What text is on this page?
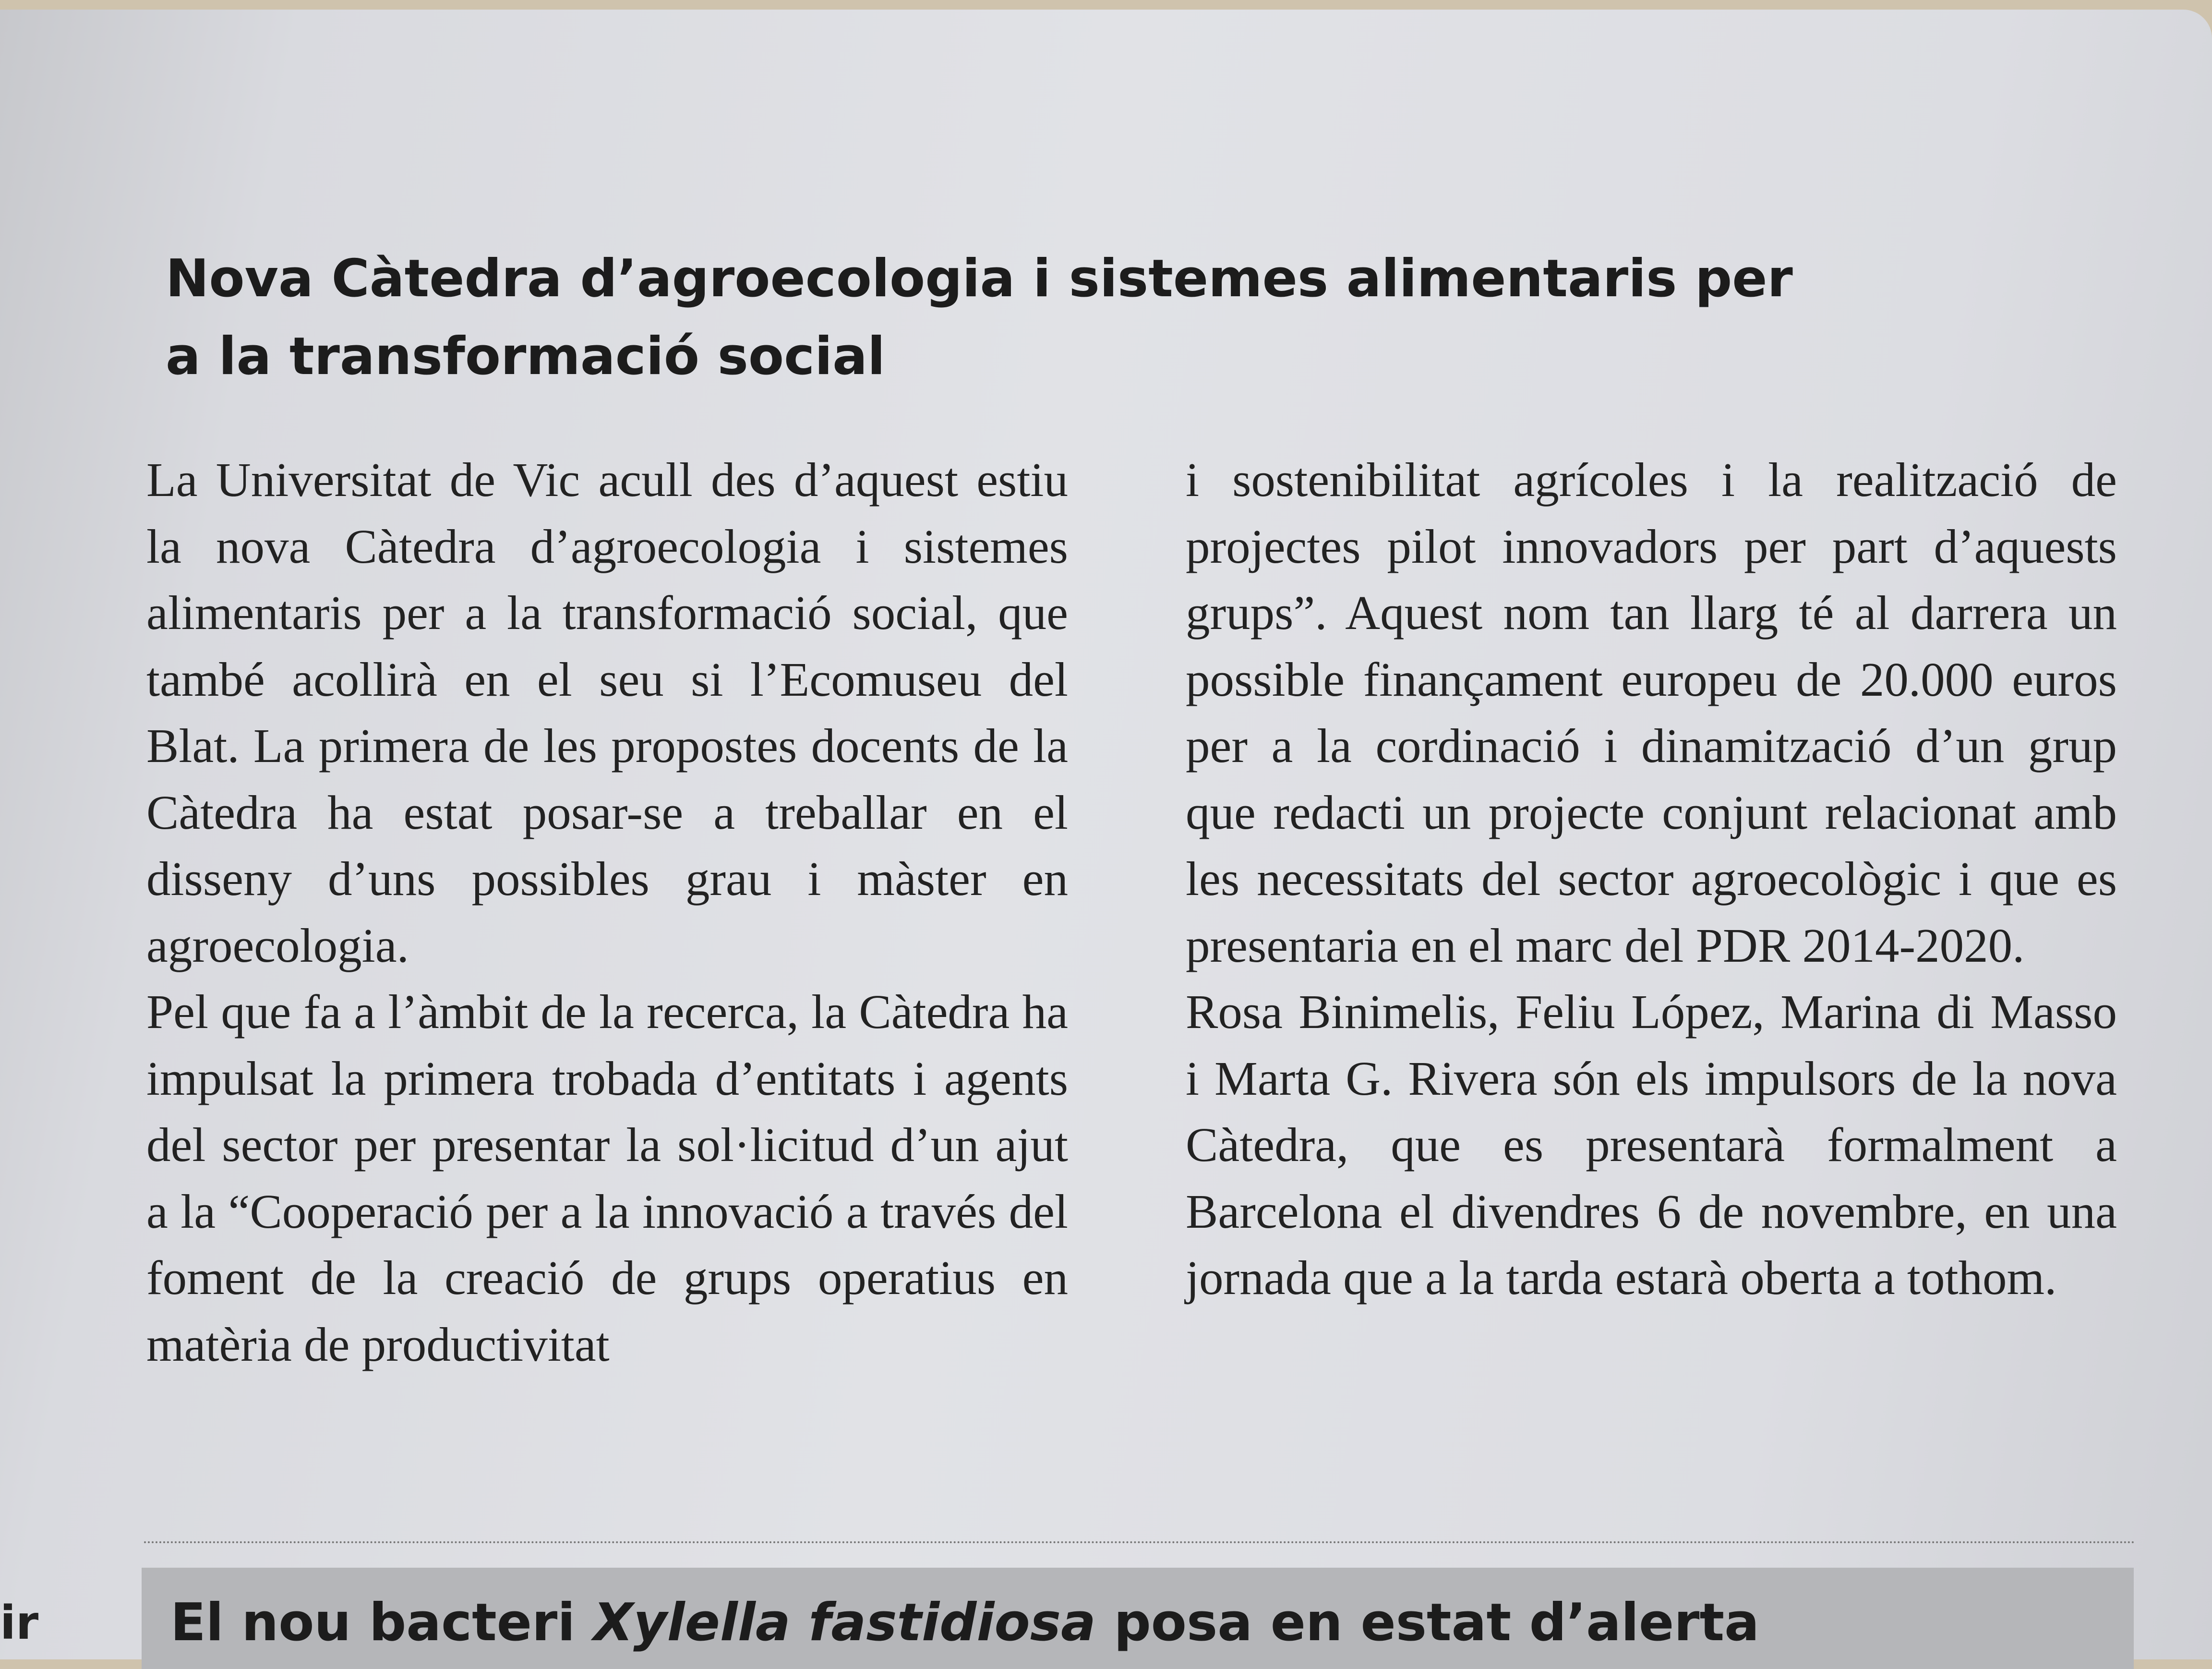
Nova Càtedra d’agroecologia i sistemes alimentaris per a la transformació social

La Universitat de Vic acull des d’aquest estiu la nova Càtedra d’agroecologia i sistemes alimentaris per a la transformació social, que també acollirà en el seu si l’Ecomuseu del Blat. La primera de les propostes docents de la Càtedra ha estat posar-se a treballar en el disseny d’uns possibles grau i màster en agroecologia.

Pel que fa a l’àmbit de la recerca, la Càtedra ha impulsat la primera trobada d’entitats i agents del sector per presentar la sol·licitud d’un ajut a la “Cooperació per a la innovació a través del foment de la creació de grups operatius en matèria de productivitat

i sostenibilitat agrícoles i la realització de projectes pilot innovadors per part d’aquests grups”. Aquest nom tan llarg té al darrera un possible finançament europeu de 20.000 euros per a la cordinació i dinamització d’un grup que redacti un projecte conjunt relacionat amb les necessitats del sector agroecològic i que es presentaria en el marc del PDR 2014-2020.

Rosa Binimelis, Feliu López, Marina di Masso i Marta G. Rivera són els impulsors de la nova Càtedra, que es presentarà formalment a Barcelona el divendres 6 de novembre, en una jornada que a la tarda estarà oberta a tothom.

El nou bacteri Xylella fastidiosa posa en estat d’alerta

ir
